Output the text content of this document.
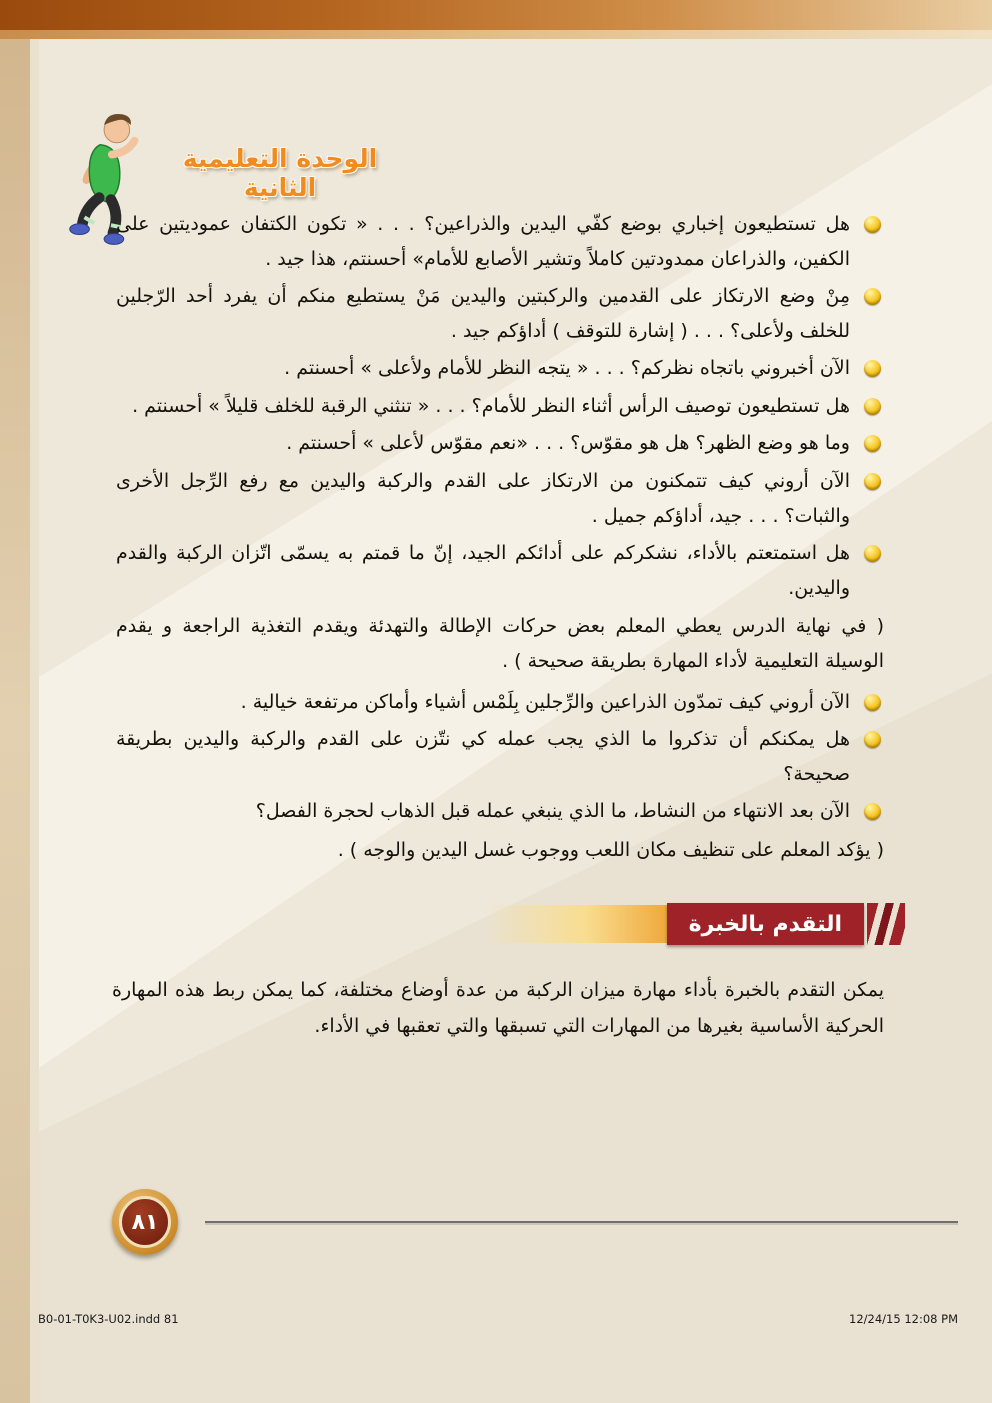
الوحدة التعليمية الثانية
هل تستطيعون إخباري بوضع كفّي اليدين والذراعين؟ . . . « تكون الكتفان عموديتين على الكفين، والذراعان ممدودتين كاملاً وتشير الأصابع للأمام» أحسنتم، هذا جيد .
مِنْ وضع الارتكاز على القدمين والركبتين واليدين مَنْ يستطيع منكم أن يفرد أحد الرّجلين للخلف ولأعلى؟ . . . ( إشارة للتوقف ) أداؤكم جيد .
الآن أخبروني باتجاه نظركم؟ . . . « يتجه النظر للأمام ولأعلى » أحسنتم .
هل تستطيعون توصيف الرأس أثناء النظر للأمام؟ . . . « تنثني الرقبة للخلف قليلاً » أحسنتم .
وما هو وضع الظهر؟ هل هو مقوّس؟ . . . «نعم مقوّس لأعلى » أحسنتم .
الآن أروني كيف تتمكنون من الارتكاز على القدم والركبة واليدين مع رفع الرِّجل الأخرى والثبات؟ . . . جيد، أداؤكم جميل .
هل استمتعتم بالأداء، نشكركم على أدائكم الجيد، إنّ ما قمتم به يسمّى اتّزان الركبة والقدم واليدين.
( في نهاية الدرس يعطي المعلم بعض حركات الإطالة والتهدئة ويقدم التغذية الراجعة و يقدم الوسيلة التعليمية لأداء المهارة بطريقة صحيحة ) .
الآن أروني كيف تمدّون الذراعين والرِّجلين بِلَمْس أشياء وأماكن مرتفعة خيالية .
هل يمكنكم أن تذكروا ما الذي يجب عمله كي نتّزن على القدم والركبة واليدين بطريقة صحيحة؟
الآن بعد الانتهاء من النشاط، ما الذي ينبغي عمله قبل الذهاب لحجرة الفصل؟
( يؤكد المعلم على تنظيف مكان اللعب ووجوب غسل اليدين والوجه ) .
التقدم بالخبرة
يمكن التقدم بالخبرة بأداء مهارة ميزان الركبة من عدة أوضاع مختلفة، كما يمكن ربط هذه المهارة الحركية الأساسية بغيرها من المهارات التي تسبقها والتي تعقبها في الأداء.
٨١
B0-01-T0K3-U02.indd 81	12/24/15 12:08 PM
